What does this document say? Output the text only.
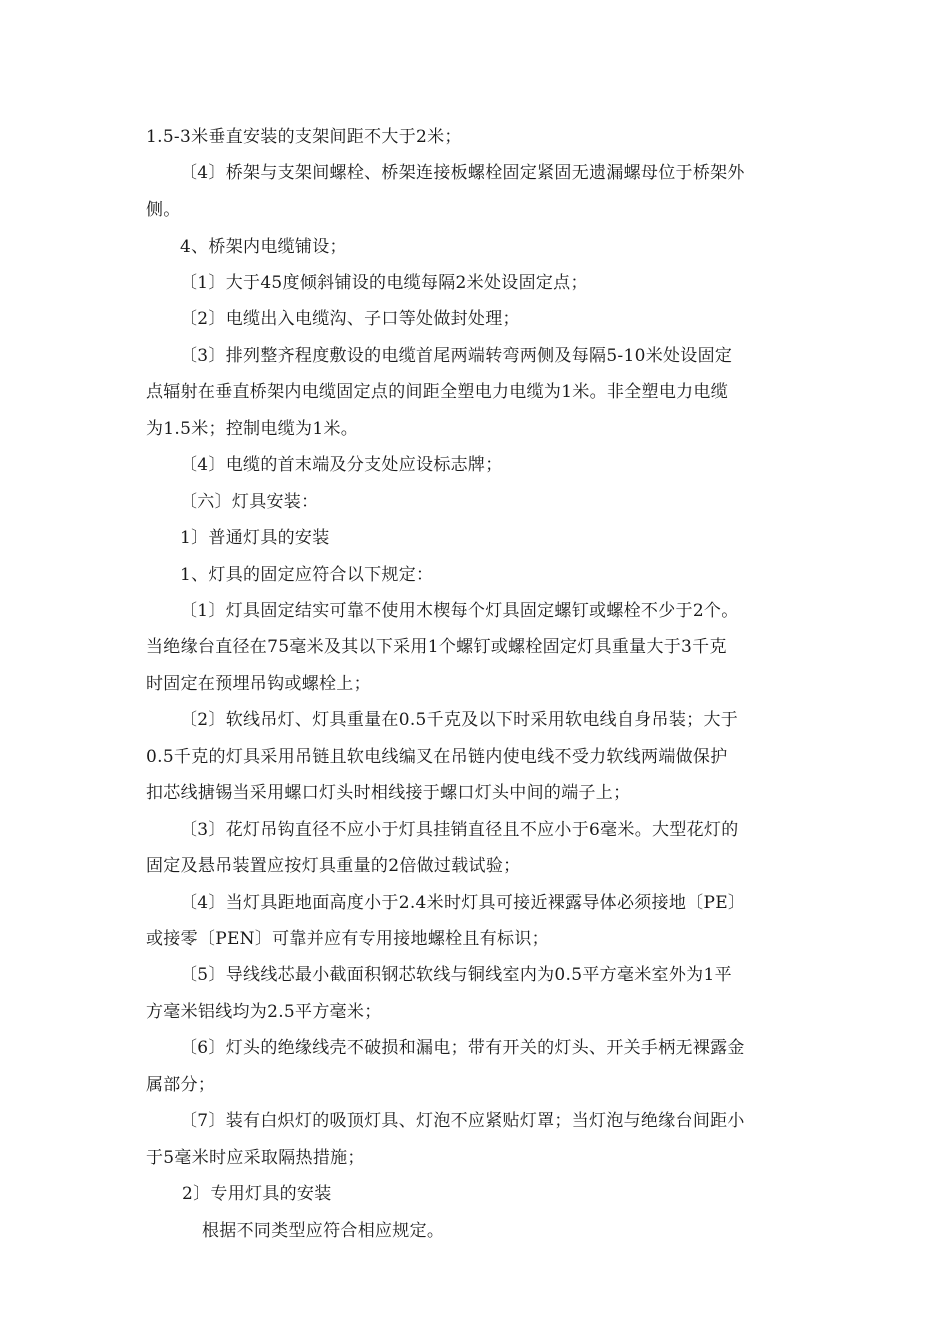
1.5-3米垂直安装的支架间距不大于2米；
〔4〕桥架与支架间螺栓、桥架连接板螺栓固定紧固无遗漏螺母位于桥架外
侧。
4、桥架内电缆铺设；
〔1〕大于45度倾斜铺设的电缆每隔2米处设固定点；
〔2〕电缆出入电缆沟、子口等处做封处理；
〔3〕排列整齐程度敷设的电缆首尾两端转弯两侧及每隔5-10米处设固定
点辐射在垂直桥架内电缆固定点的间距全塑电力电缆为1米。非全塑电力电缆
为1.5米；控制电缆为1米。
〔4〕电缆的首末端及分支处应设标志牌；
〔六〕灯具安装：
1〕普通灯具的安装
1、灯具的固定应符合以下规定：
〔1〕灯具固定结实可靠不使用木楔每个灯具固定螺钉或螺栓不少于2个。
当绝缘台直径在75毫米及其以下采用1个螺钉或螺栓固定灯具重量大于3千克
时固定在预埋吊钩或螺栓上；
〔2〕软线吊灯、灯具重量在0.5千克及以下时采用软电线自身吊装；大于
0.5千克的灯具采用吊链且软电线编叉在吊链内使电线不受力软线两端做保护
扣芯线搪锡当采用螺口灯头时相线接于螺口灯头中间的端子上；
〔3〕花灯吊钩直径不应小于灯具挂销直径且不应小于6毫米。大型花灯的
固定及悬吊装置应按灯具重量的2倍做过载试验；
〔4〕当灯具距地面高度小于2.4米时灯具可接近裸露导体必须接地〔PE〕
或接零〔PEN〕可靠并应有专用接地螺栓且有标识；
〔5〕导线线芯最小截面积钢芯软线与铜线室内为0.5平方毫米室外为1平
方毫米铝线均为2.5平方毫米；
〔6〕灯头的绝缘线壳不破损和漏电；带有开关的灯头、开关手柄无裸露金
属部分；
〔7〕装有白炽灯的吸顶灯具、灯泡不应紧贴灯罩；当灯泡与绝缘台间距小
于5毫米时应采取隔热措施；
2〕专用灯具的安装
根据不同类型应符合相应规定。
